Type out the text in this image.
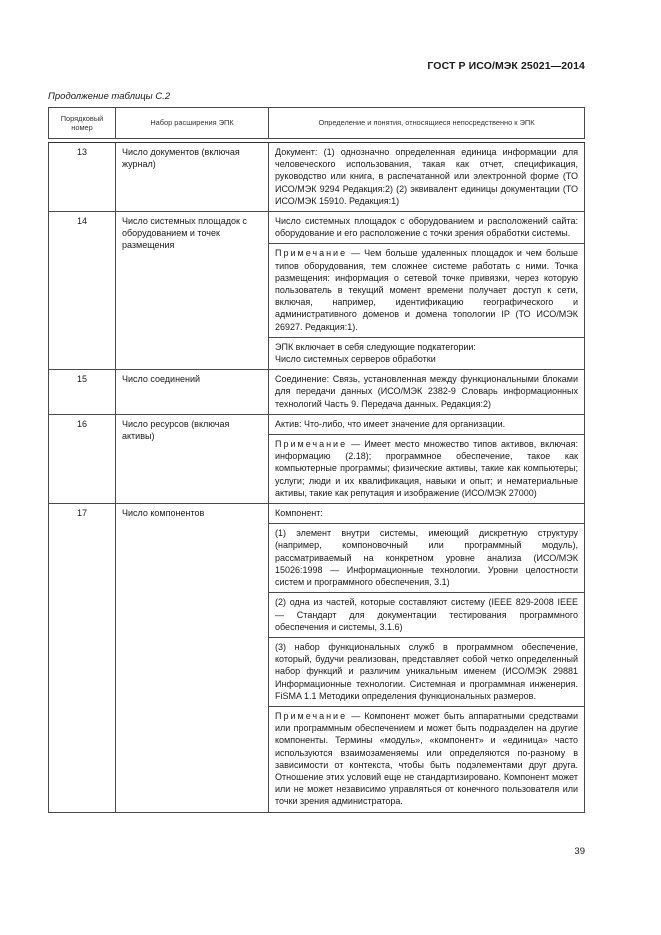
ГОСТ Р ИСО/МЭК 25021—2014
Продолжение таблицы С.2
Порядковый номер	Набор расширения ЭПК	Определение и понятия, относящиеся непосредственно к ЭПК

13	Число документов (включая журнал)	Документ: (1) однозначно определенная единица информации для человеческого использования, такая как отчет, спецификация, руководство или книга, в распечатанной или электронной форме (ТО ИСО/МЭК 9294 Редакция:2) (2) эквивалент единицы документации (ТО ИСО/МЭК 15910. Редакция:1)

14	Число системных площадок с оборудованием и точек размещения	Число системных площадок с оборудованием и расположений сайта: оборудование и его расположение с точки зрения обработки системы.

Примечание — Чем больше удаленных площадок и чем больше типов оборудования, тем сложнее системе работать с ними. Точка размещения: информация о сетевой точке привязки, через которую пользователь в текущий момент времени получает доступ к сети, включая, например, идентификацию географического и административного доменов и домена топологии IP (ТО ИСО/МЭК 26927. Редакция:1).

ЭПК включает в себя следующие подкатегории:

Число системных серверов обработки

15	Число соединений	Соединение: Связь, установленная между функциональными блоками для передачи данных (ИСО/МЭК 2382-9 Словарь информационных технологий Часть 9. Передача данных. Редакция:2)

16	Число ресурсов (включая активы)	Актив: Что-либо, что имеет значение для организации.

Примечание — Имеет место множество типов активов, включая: информацию (2.18); программное обеспечение, такое как компьютерные программы; физические активы, такие как компьютеры; услуги; люди и их квалификация, навыки и опыт; и нематериальные активы, такие как репутация и изображение (ИСО/МЭК 27000)

17	Число компонентов	Компонент:

(1) элемент внутри системы, имеющий дискретную структуру (например, компоновочный или программный модуль), рассматриваемый на конкретном уровне анализа (ИСО/МЭК 15026:1998 — Информационные технологии. Уровни целостности систем и программного обеспечения, 3.1)

(2) одна из частей, которые составляют систему (IEEE 829-2008 IEEE — Стандарт для документации тестирования программного обеспечения и системы, 3.1.6)

(3) набор функциональных служб в программном обеспечение, который, будучи реализован, представляет собой четко определенный набор функций и различим уникальным именем (ИСО/МЭК 29881 Информационные технологии. Системная и программная инженерия. FiSMA 1.1 Методики определения функциональных размеров.

Примечание — Компонент может быть аппаратными средствами или программным обеспечением и может быть подразделен на другие компоненты. Термины «модуль», «компонент» и «единица» часто используются взаимозаменяемы или определяются по-разному в зависимости от контекста, чтобы быть подэлементами друг друга. Отношение этих условий еще не стандартизировано. Компонент может или не может независимо управляться от конечного пользователя или точки зрения администратора.

39
